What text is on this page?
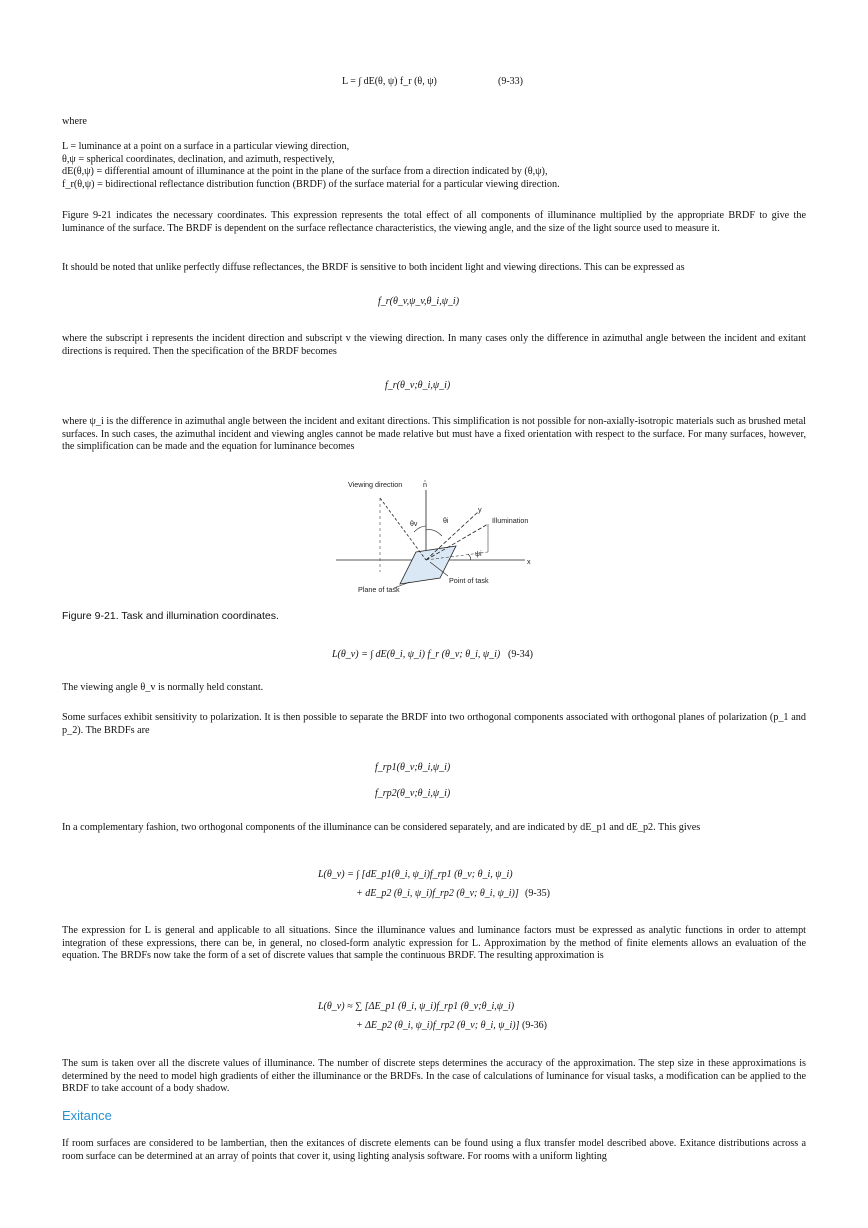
L = ∫ dE(θ, ψ) f_r (θ, ψ)	(9-33)

where

L = luminance at a point on a surface in a particular viewing direction,
θ,ψ = spherical coordinates, declination, and azimuth, respectively,
dE(θ,ψ) = differential amount of illuminance at the point in the plane of the surface from a direction indicated by (θ,ψ),
f_r(θ,ψ) = bidirectional reflectance distribution function (BRDF) of the surface material for a particular viewing direction.

Figure 9-21 indicates the necessary coordinates. This expression represents the total effect of all components of illuminance multiplied by the appropriate BRDF to give the luminance of the surface. The BRDF is dependent on the surface reflectance characteristics, the viewing angle, and the size of the light source used to measure it.

It should be noted that unlike perfectly diffuse reflectances, the BRDF is sensitive to both incident light and viewing directions. This can be expressed as

f_r(θ_v,ψ_v,θ_i,ψ_i)

where the subscript i represents the incident direction and subscript v the viewing direction. In many cases only the difference in azimuthal angle between the incident and exitant directions is required. Then the specification of the BRDF becomes

f_r(θ_v;θ_i,ψ_i)

where ψ_i is the difference in azimuthal angle between the incident and exitant directions. This simplification is not possible for non-axially-isotropic materials such as brushed metal surfaces. In such cases, the azimuthal incident and viewing angles cannot be made relative but must have a fixed orientation with respect to the surface. For many surfaces, however, the simplification can be made and the equation for luminance becomes

Viewing direction	n̂
y
x
Illumination
θv	θi
ψi
Point of task
Plane of task
Figure 9-21. Task and illumination coordinates.
L(θ_v) = ∫ dE(θ_i, ψ_i) f_r (θ_v; θ_i, ψ_i) (9-34)

The viewing angle θ_v is normally held constant.

Some surfaces exhibit sensitivity to polarization. It is then possible to separate the BRDF into two orthogonal components associated with orthogonal planes of polarization (p_1 and p_2). The BRDFs are

f_rp1(θ_v;θ_i,ψ_i)
f_rp2(θ_v;θ_i,ψ_i)

In a complementary fashion, two orthogonal components of the illuminance can be considered separately, and are indicated by dE_p1 and dE_p2. This gives

L(θ_v) = ∫ [dE_p1(θ_i, ψ_i)f_rp1 (θ_v; θ_i, ψ_i)
+ dE_p2 (θ_i, ψ_i)f_rp2 (θ_v; θ_i, ψ_i)] (9-35)

The expression for L is general and applicable to all situations. Since the illuminance values and luminance factors must be expressed as analytic functions in order to attempt integration of these expressions, there can be, in general, no closed-form analytic expression for L. Approximation by the method of finite elements allows an evaluation of the equation. The BRDFs now take the form of a set of discrete values that sample the continuous BRDF. The resulting approximation is

L(θ_v) ≈ ∑ [ΔE_p1 (θ_i, ψ_i)f_rp1 (θ_v;θ_i,ψ_i)
+ ΔE_p2 (θ_i, ψ_i)f_rp2 (θ_v; θ_i, ψ_i)] (9-36)

The sum is taken over all the discrete values of illuminance. The number of discrete steps determines the accuracy of the approximation. The step size in these approximations is determined by the need to model high gradients of either the illuminance or the BRDFs. In the case of calculations of luminance for visual tasks, a modification can be applied to the BRDF to take account of a body shadow.

Exitance

If room surfaces are considered to be lambertian, then the exitances of discrete elements can be found using a flux transfer model described above. Exitance distributions across a room surface can be determined at an array of points that cover it, using lighting analysis software. For rooms with a uniform lighting
